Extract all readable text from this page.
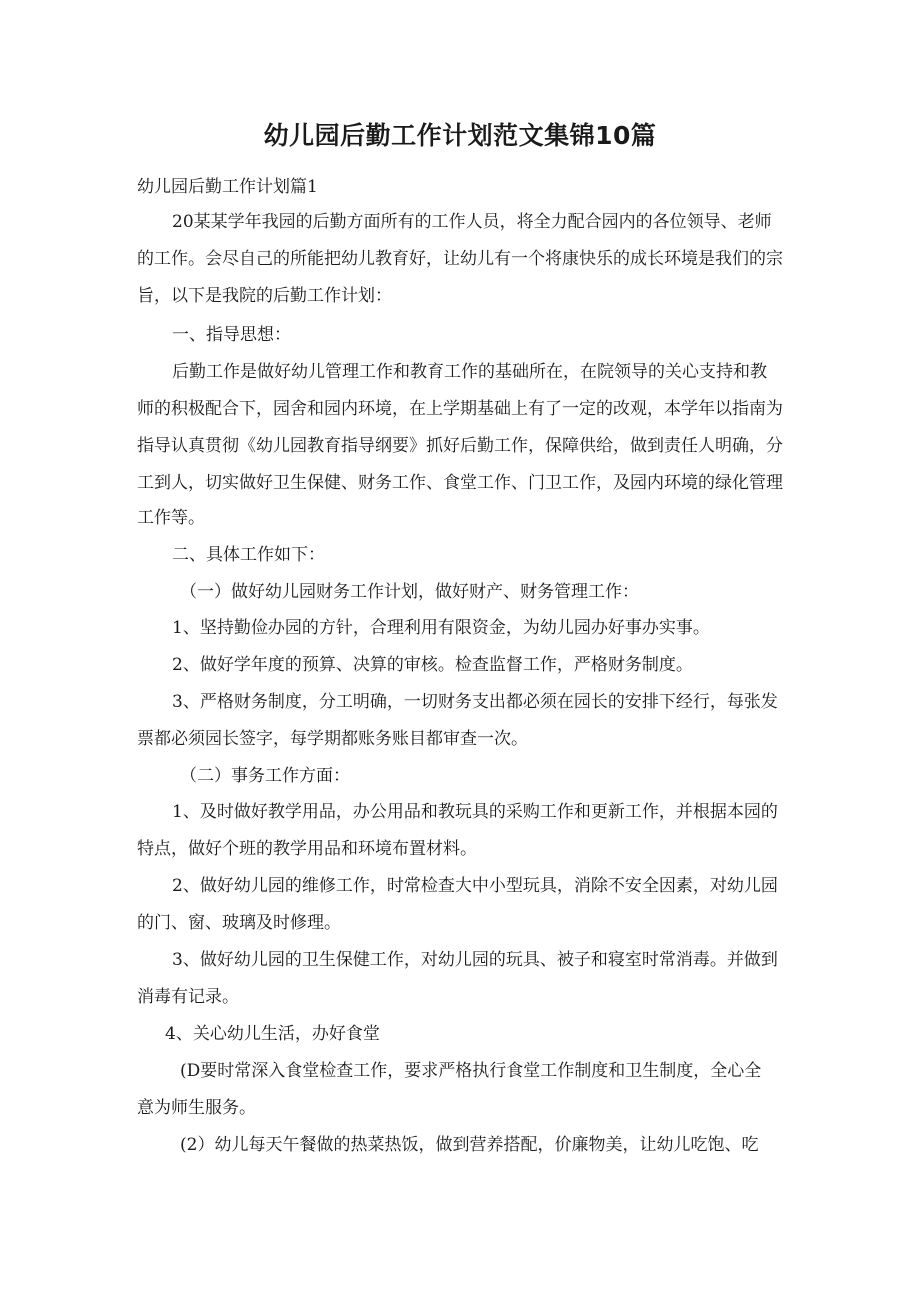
幼儿园后勤工作计划范文集锦10篇
幼儿园后勤工作计划篇1
20某某学年我园的后勤方面所有的工作人员，将全力配合园内的各位领导、老师
的工作。会尽自己的所能把幼儿教育好，让幼儿有一个将康快乐的成长环境是我们的宗
旨，以下是我院的后勤工作计划：
一、指导思想：
后勤工作是做好幼儿管理工作和教育工作的基础所在，在院领导的关心支持和教
师的积极配合下，园舍和园内环境，在上学期基础上有了一定的改观，本学年以指南为
指导认真贯彻《幼儿园教育指导纲要》抓好后勤工作，保障供给，做到责任人明确，分
工到人，切实做好卫生保健、财务工作、食堂工作、门卫工作，及园内环境的绿化管理
工作等。
二、具体工作如下：
（一）做好幼儿园财务工作计划，做好财产、财务管理工作：
1、坚持勤俭办园的方针，合理利用有限资金，为幼儿园办好事办实事。
2、做好学年度的预算、决算的审核。检查监督工作，严格财务制度。
3、严格财务制度，分工明确，一切财务支出都必须在园长的安排下经行，每张发
票都必须园长签字，每学期都账务账目都审查一次。
（二）事务工作方面：
1、及时做好教学用品，办公用品和教玩具的采购工作和更新工作，并根据本园的
特点，做好个班的教学用品和环境布置材料。
2、做好幼儿园的维修工作，时常检查大中小型玩具，消除不安全因素，对幼儿园
的门、窗、玻璃及时修理。
3、做好幼儿园的卫生保健工作，对幼儿园的玩具、被子和寝室时常消毒。并做到
消毒有记录。
4、关心幼儿生活，办好食堂
(D要时常深入食堂检查工作，要求严格执行食堂工作制度和卫生制度，全心全
意为师生服务。
(2）幼儿每天午餐做的热菜热饭，做到营养搭配，价廉物美，让幼儿吃饱、吃
